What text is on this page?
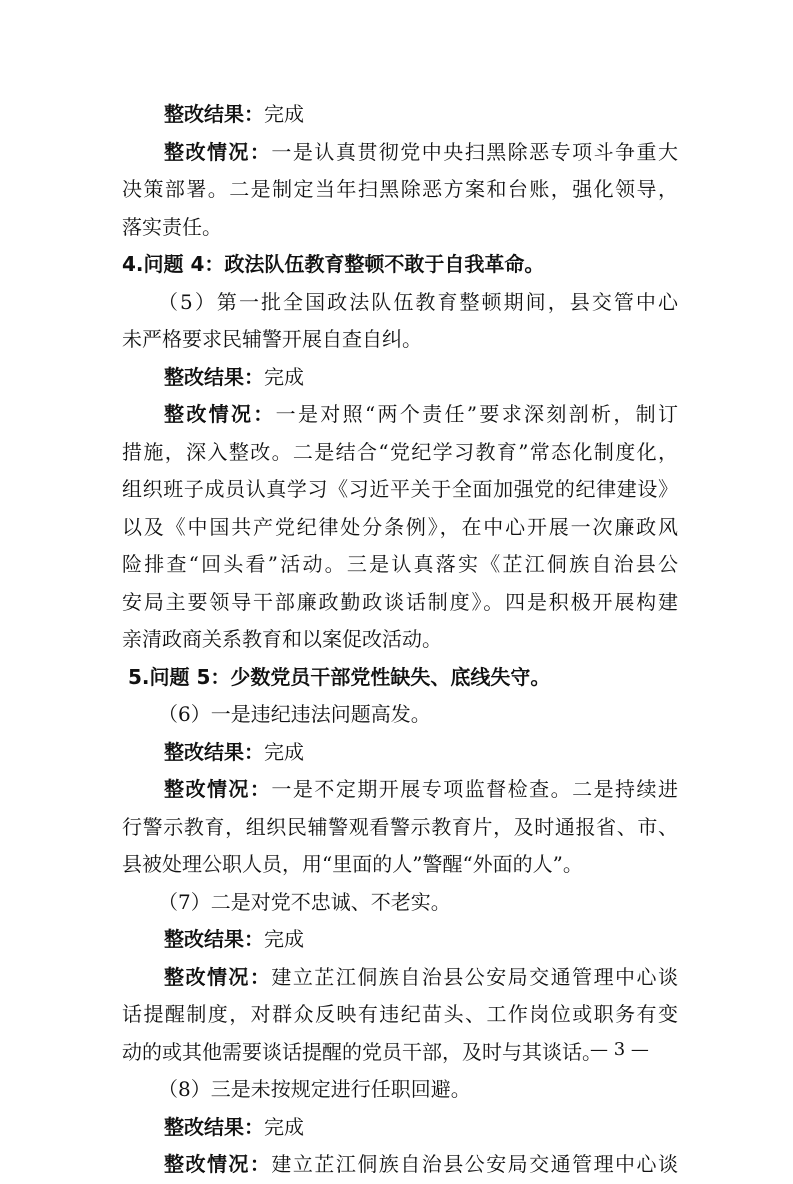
整改结果：完成
整改情况：一是认真贯彻党中央扫黑除恶专项斗争重大
决策部署。二是制定当年扫黑除恶方案和台账，强化领导，
落实责任。
4.问题 4：政法队伍教育整顿不敢于自我革命。
（5）第一批全国政法队伍教育整顿期间，县交管中心
未严格要求民辅警开展自查自纠。
整改结果：完成
整改情况：一是对照“两个责任”要求深刻剖析，制订
措施，深入整改。二是结合“党纪学习教育”常态化制度化，
组织班子成员认真学习《习近平关于全面加强党的纪律建设》
以及《中国共产党纪律处分条例》，在中心开展一次廉政风
险排查“回头看”活动。三是认真落实《芷江侗族自治县公
安局主要领导干部廉政勤政谈话制度》。四是积极开展构建
亲清政商关系教育和以案促改活动。
5.问题 5：少数党员干部党性缺失、底线失守。
（6）一是违纪违法问题高发。
整改结果：完成
整改情况：一是不定期开展专项监督检查。二是持续进
行警示教育，组织民辅警观看警示教育片，及时通报省、市、
县被处理公职人员，用“里面的人”警醒“外面的人”。
（7）二是对党不忠诚、不老实。
整改结果：完成
整改情况：建立芷江侗族自治县公安局交通管理中心谈
话提醒制度，对群众反映有违纪苗头、工作岗位或职务有变
动的或其他需要谈话提醒的党员干部，及时与其谈话。
（8）三是未按规定进行任职回避。
整改结果：完成
整改情况：建立芷江侗族自治县公安局交通管理中心谈
— 3 —
